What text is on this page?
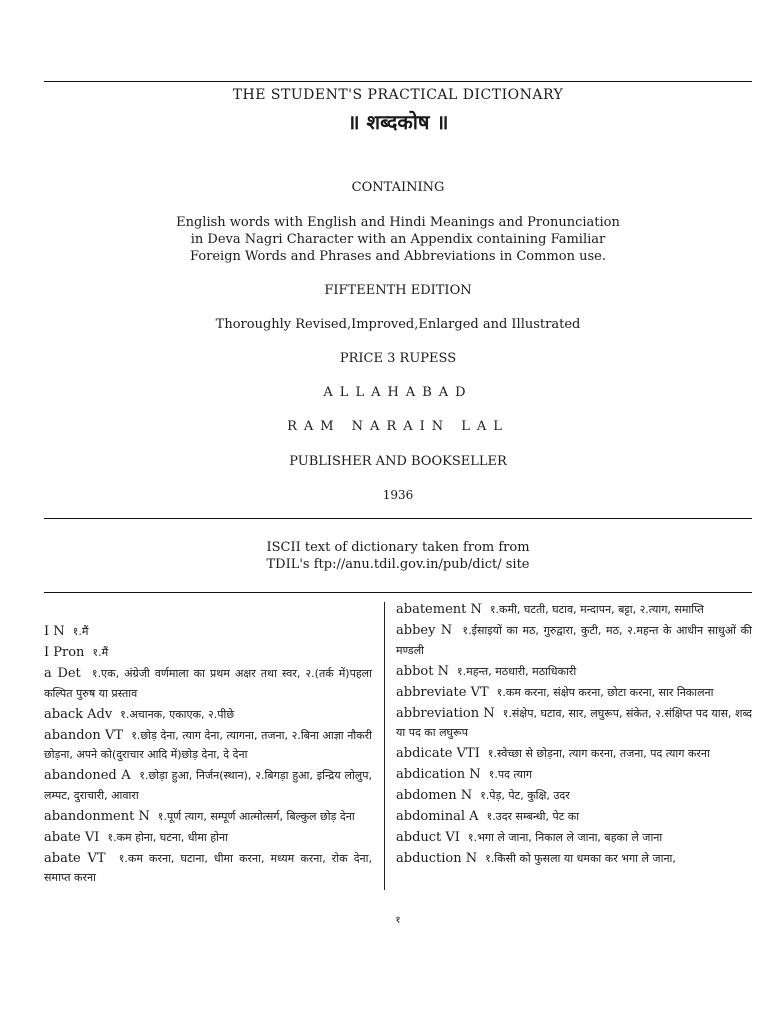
THE STUDENT'S PRACTICAL DICTIONARY
॥ शब्दकोष ॥
CONTAINING
English words with English and Hindi Meanings and Pronunciation in Deva Nagri Character with an Appendix containing Familiar Foreign Words and Phrases and Abbreviations in Common use.
FIFTEENTH EDITION
Thoroughly Revised,Improved,Enlarged and Illustrated
PRICE 3 RUPESS
ALLAHABAD
RAM NARAIN LAL
PUBLISHER AND BOOKSELLER
1936
ISCII text of dictionary taken from from
TDIL's ftp://anu.tdil.gov.in/pub/dict/ site
I N १.मैं
I Pron १.मैं
a Det १.एक, अंग्रेजी वर्णमाला का प्रथम अक्षर तथा स्वर, २.(तर्क में)पहला कल्पित पुरुष या प्रस्ताव
aback Adv १.अचानक, एकाएक, २.पीछे
abandon VT १.छोड़ देना, त्याग देना, त्यागना, तजना, २.बिना आज्ञा नौकरी छोड़ना, अपने को(दुराचार आदि में)छोड़ देना, दे देना
abandoned A १.छोड़ा हुआ, निर्जन(स्थान), २.बिगड़ा हुआ, इन्द्रिय लोलुप, लम्पट, दुराचारी, आवारा
abandonment N १.पूर्ण त्याग, सम्पूर्ण आत्मोत्सर्ग, बिल्कुल छोड़ देना
abate VI १.कम होना, घटना, धीमा होना
abate VT १.कम करना, घटाना, धीमा करना, मध्यम करना, रोक देना, समाप्त करना
abatement N १.कमी, घटती, घटाव, मन्दापन, बट्टा, २.त्याग, समाप्ति
abbey N १.ईसाइयों का मठ, गुरुद्वारा, कुटी, मठ, २.महन्त के आधीन साधुओं की मण्डली
abbot N १.महन्त, मठधारी, मठाधिकारी
abbreviate VT १.कम करना, संक्षेप करना, छोटा करना, सार निकालना
abbreviation N १.संक्षेप, घटाव, सार, लघुरूप, संकेत, २.संक्षिप्त पद यास, शब्द या पद का लघुरूप
abdicate VTI १.स्वेच्छा से छोड़ना, त्याग करना, तजना, पद त्याग करना
abdication N १.पद त्याग
abdomen N १.पेड़, पेट, कुक्षि, उदर
abdominal A १.उदर सम्बन्धी, पेट का
abduct VI १.भगा ले जाना, निकाल ले जाना, बहका ले जाना
abduction N १.किसी को फुसला या धमका कर भगा ले जाना,
१
